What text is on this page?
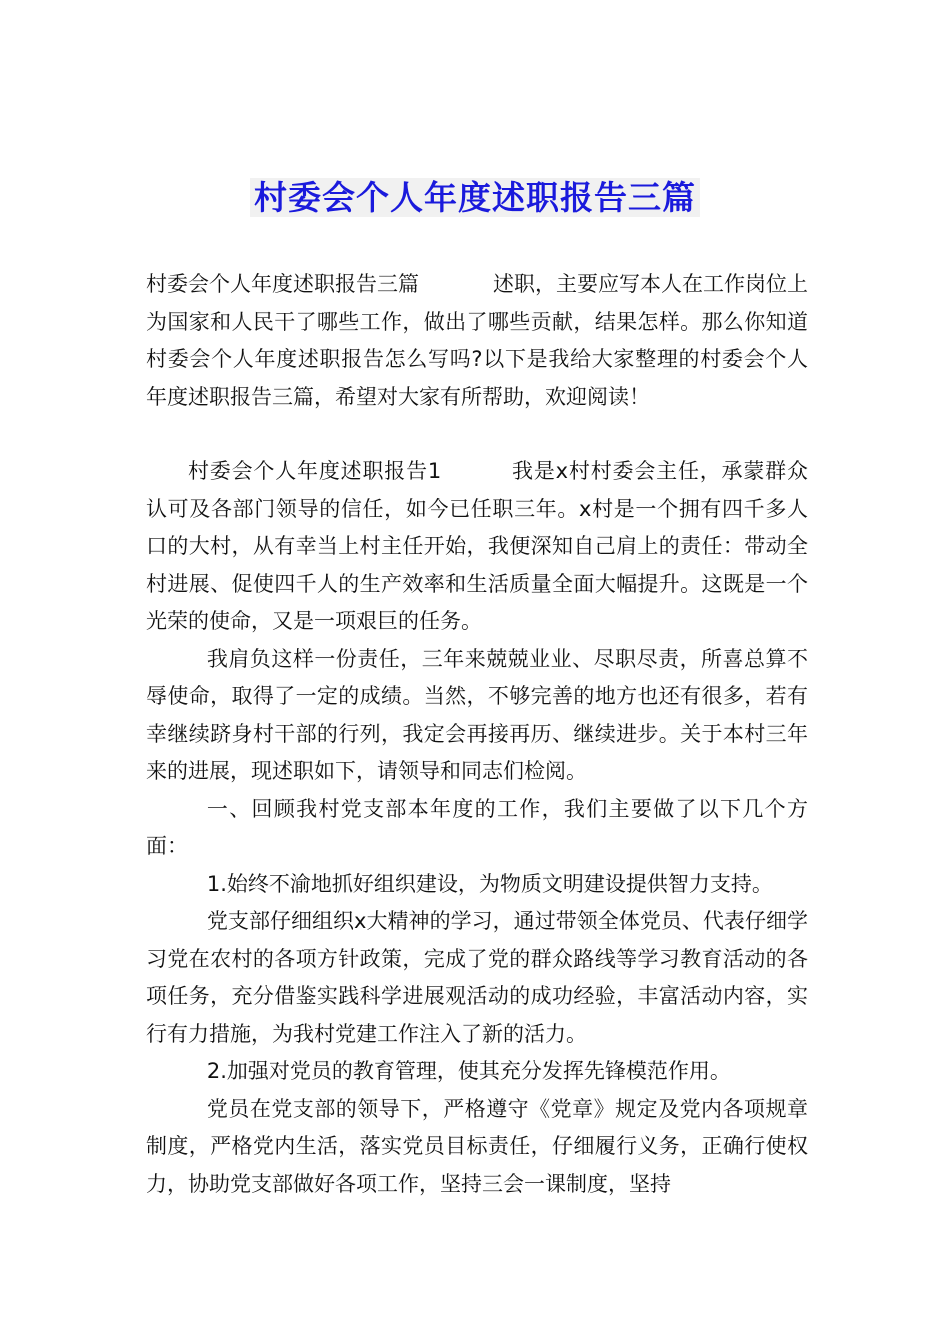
村委会个人年度述职报告三篇

村委会个人年度述职报告三篇	述职，主要应写本人在工作岗位上为国家和人民干了哪些工作，做出了哪些贡献，结果怎样。那么你知道村委会个人年度述职报告怎么写吗?以下是我给大家整理的村委会个人年度述职报告三篇，希望对大家有所帮助，欢迎阅读！

村委会个人年度述职报告1	我是x村村委会主任，承蒙群众认可及各部门领导的信任，如今已任职三年。x村是一个拥有四千多人口的大村，从有幸当上村主任开始，我便深知自己肩上的责任：带动全村进展、促使四千人的生产效率和生活质量全面大幅提升。这既是一个光荣的使命，又是一项艰巨的任务。

我肩负这样一份责任，三年来兢兢业业、尽职尽责，所喜总算不辱使命，取得了一定的成绩。当然，不够完善的地方也还有很多，若有幸继续跻身村干部的行列，我定会再接再历、继续进步。关于本村三年来的进展，现述职如下，请领导和同志们检阅。

一、回顾我村党支部本年度的工作，我们主要做了以下几个方面：

1.始终不渝地抓好组织建设，为物质文明建设提供智力支持。

党支部仔细组织x大精神的学习，通过带领全体党员、代表仔细学习党在农村的各项方针政策，完成了党的群众路线等学习教育活动的各项任务，充分借鉴实践科学进展观活动的成功经验，丰富活动内容，实行有力措施，为我村党建工作注入了新的活力。

2.加强对党员的教育管理，使其充分发挥先锋模范作用。

党员在党支部的领导下，严格遵守《党章》规定及党内各项规章制度，严格党内生活，落实党员目标责任，仔细履行义务，正确行使权力，协助党支部做好各项工作，坚持三会一课制度，坚持
